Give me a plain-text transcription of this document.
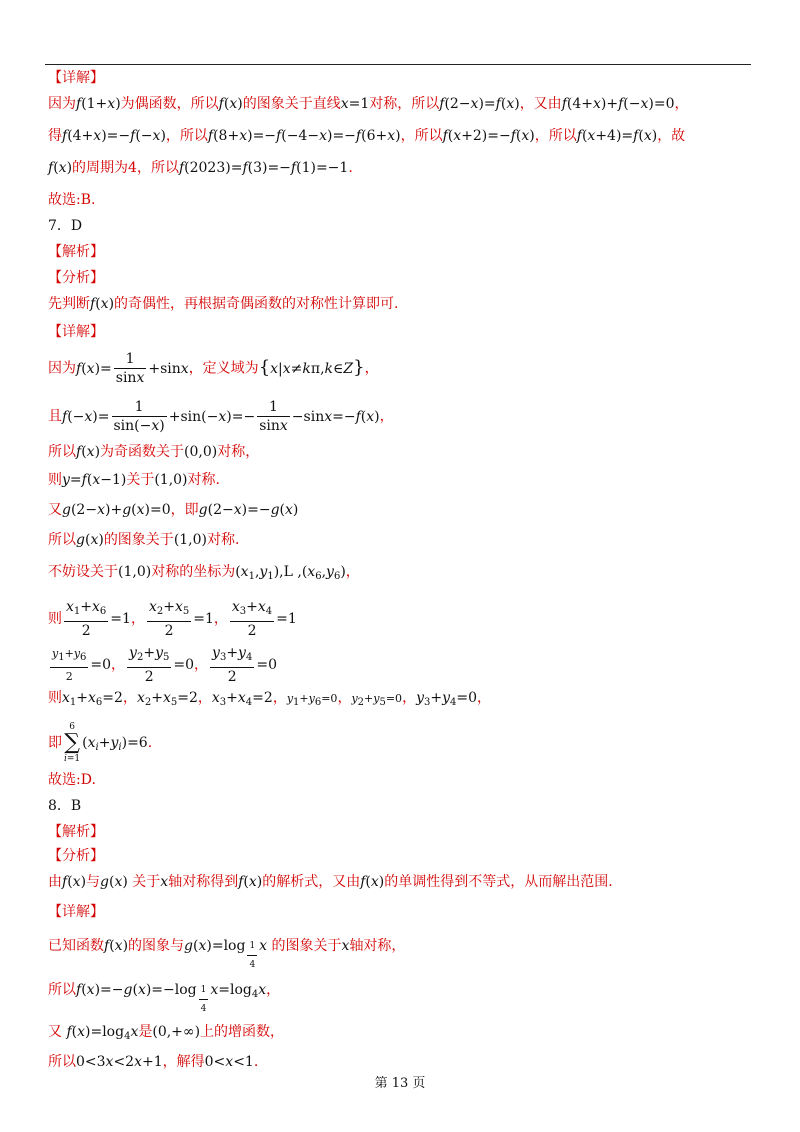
【详解】
因为f(1+x)为偶函数，所以f(x)的图象关于直线x=1对称，所以f(2−x)=f(x)，又由f(4+x)+f(−x)=0，
得f(4+x)=−f(−x)，所以f(8+x)=−f(−4−x)=−f(6+x)，所以f(x+2)=−f(x)，所以f(x+4)=f(x)，故
f(x)的周期为4，所以f(2023)=f(3)=−f(1)=−1.
故选:B.
7．D
【解析】
【分析】
先判断f(x)的奇偶性，再根据奇偶函数的对称性计算即可.
【详解】
因为$f(x)= \frac{1}{\sin x} +\sin x$，定义域为{x|x≠kπ,k∈Z}，
且$f(-x)= \frac{1}{\sin(-x)} +\sin(-x)=- \frac{1}{\sin x} -\sin x=-f(x)$，
所以f(x)为奇函数关于(0,0)对称，
则y=f(x−1)关于(1,0)对称.
又g(2−x)+g(x)=0，即g(2−x)=−g(x)
所以g(x)的图象关于(1,0)对称.
不妨设关于(1,0)对称的坐标为$(x_1,y_1),L$ $,(x_6,y_6)$，
则 $\frac{x_1+x_6}{2} =1$， $\frac{x_2+x_5}{2} =1$， $\frac{x_3+x_4}{2} =1$
$\frac{y1+y6}{2} =0$， $\frac{y_2+y_5}{2} =0$， $\frac{y_3+y_4}{2} =0$
则$x_1+x_6=2$，$x_2+x_5=2$，$x_3+x_4=2$，y1+y6=0，y2+y5=0，$y_3+y_4=0$，
即
6
∑
i=1
$(x_i+y_i)=6$.
故选:D.
8．B
【解析】
【分析】
由f(x)与g(x) 关于x轴对称得到f(x)的解析式，又由f(x)的单调性得到不等式，从而解出范围.
【详解】
已知函数f(x)的图象与$g(x)=\log \frac{1}{4}$ x 的图象关于x轴对称，
所以$f(x)=-g(x)=-\log \frac{1}{4} x=\log_4x$，
又 $f(x)=\log_4x$是(0,+∞)上的增函数，
所以0<3x<2x+1，解得0<x<1.
第 13 页
